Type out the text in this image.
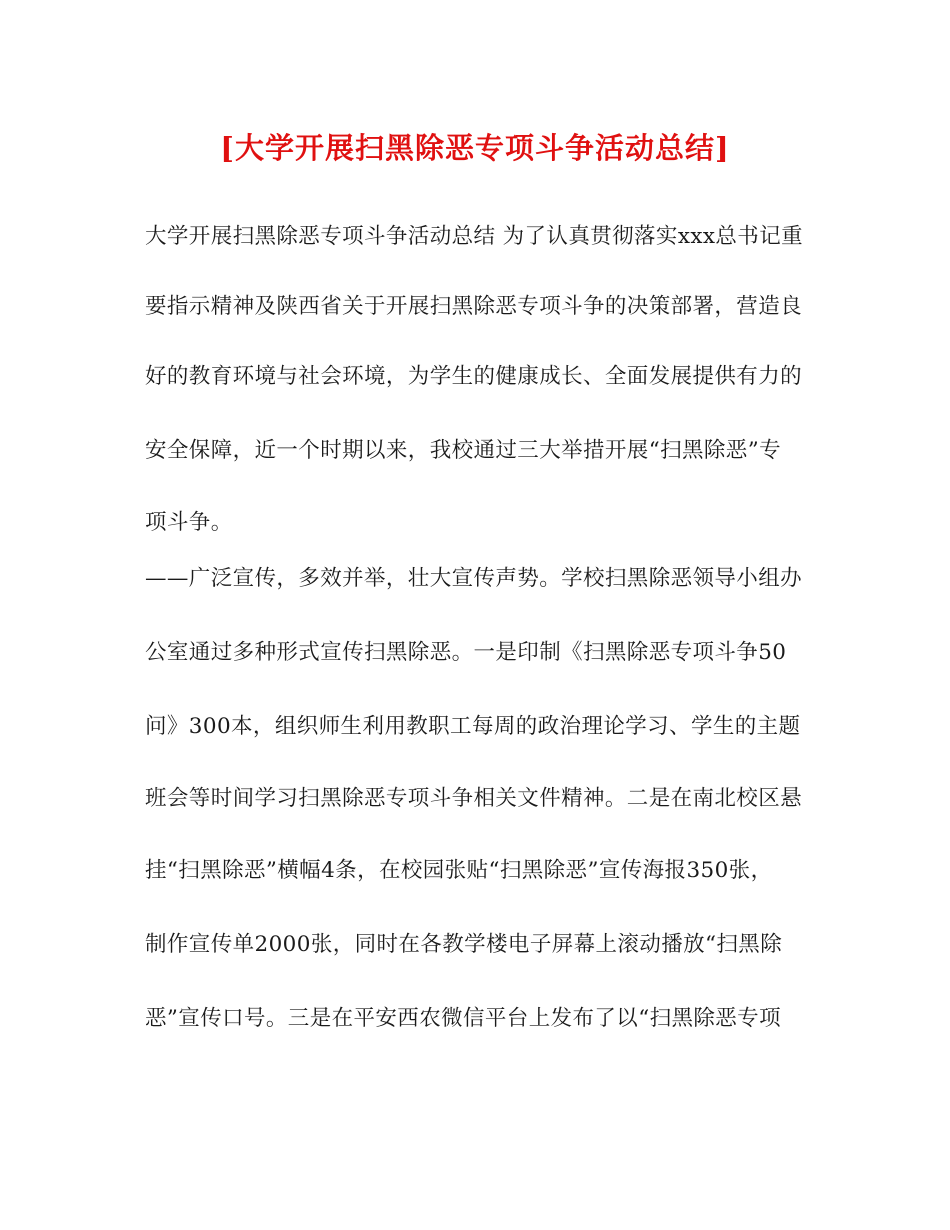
[大学开展扫黑除恶专项斗争活动总结]
大学开展扫黑除恶专项斗争活动总结 为了认真贯彻落实xxx总书记重
要指示精神及陕西省关于开展扫黑除恶专项斗争的决策部署，营造良
好的教育环境与社会环境，为学生的健康成长、全面发展提供有力的
安全保障，近一个时期以来，我校通过三大举措开展“扫黑除恶”专
项斗争。
——广泛宣传，多效并举，壮大宣传声势。学校扫黑除恶领导小组办
公室通过多种形式宣传扫黑除恶。一是印制《扫黑除恶专项斗争50
问》300本，组织师生利用教职工每周的政治理论学习、学生的主题
班会等时间学习扫黑除恶专项斗争相关文件精神。二是在南北校区悬
挂“扫黑除恶”横幅4条，在校园张贴“扫黑除恶”宣传海报350张，
制作宣传单2000张，同时在各教学楼电子屏幕上滚动播放“扫黑除
恶”宣传口号。三是在平安西农微信平台上发布了以“扫黑除恶专项
